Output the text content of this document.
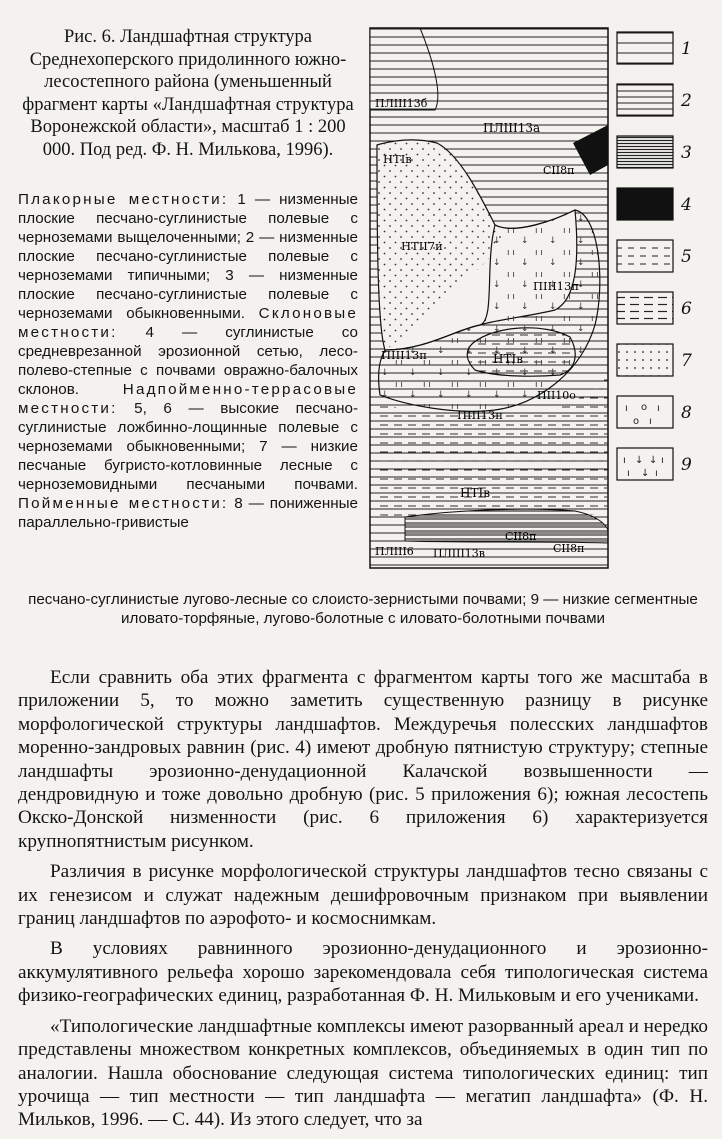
Рис. 6. Ландшафтная структура Среднехоперского придолинного южно-лесостепного района (уменьшенный фрагмент карты «Ландшафтная структура Воронежской области», масштаб 1 : 200 000. Под ред. Ф. Н. Милькова, 1996).
Плакорные местности: 1 — низменные плоские песчано-суглинистые полевые с черноземами выщелоченными; 2 — низменные плоские песчано-суглинистые полевые с черноземами типичными; 3 — низменные плоские песчано-суглинистые полевые с черноземами обыкновенными. Склоновые местности: 4 — суглинистые со средневрезанной эрозионной сетью, лесо-полево-степные с почвами овражно-балочных склонов.	Надпойменно-террасовые местности: 5, 6 — высокие песчано-суглинистые ложбинно-лощинные полевые с черноземами обыкновенными; 7 — низкие песчаные бугристо-котловинные лесные с черноземовидными песчаными почвами. Пойменные местности: 8 — пониженные параллельно-гривистые
песчано-суглинистые лугово-лесные со слоисто-зернистыми почвами; 9 — низкие сегментные иловато-торфяные, лугово-болотные с иловато-болотными почвами
ПЛIII13б
ПЛIII13а
НТIв
СII8п
НТII7и
ПIII13п
ПIII13п	НТIв
ПII10о
ПIII13п
НТIв
СII8п
СII8п
ПЛIII6 ПЛIII13в
ı o ı
o ı
ı ↓ ↓ ı
ı ↓ ı
1
2
3
4
5
6
7
8
9

Если сравнить оба этих фрагмента с фрагментом карты того же масштаба в приложении 5, то можно заметить существенную разницу в рисунке морфологической структуры ландшафтов. Междуречья полесских ландшафтов моренно-зандровых равнин (рис. 4) имеют дробную пятнистую структуру; степные ландшафты эрозионно-денудационной Калачской возвышенности — дендровидную и тоже довольно дробную (рис. 5 приложения 6); южная лесостепь Окско-Донской низменности (рис. 6 приложения 6) характеризуется крупнопятнистым рисунком.

Различия в рисунке морфологической структуры ландшафтов тесно связаны с их генезисом и служат надежным дешифровочным признаком при выявлении границ ландшафтов по аэрофото- и космоснимкам.

В условиях равнинного эрозионно-денудационного и эрозионно-аккумулятивного рельефа хорошо зарекомендовала себя типологическая система физико-географических единиц, разработанная Ф. Н. Мильковым и его учениками.

«Типологические ландшафтные комплексы имеют разорванный ареал и нередко представлены множеством конкретных комплексов, объединяемых в один тип по аналогии. Нашла обоснование следующая система типологических единиц: тип урочища — тип местности — тип ландшафта — мегатип ландшафта» (Ф. Н. Мильков, 1996. — С. 44). Из этого следует, что за
